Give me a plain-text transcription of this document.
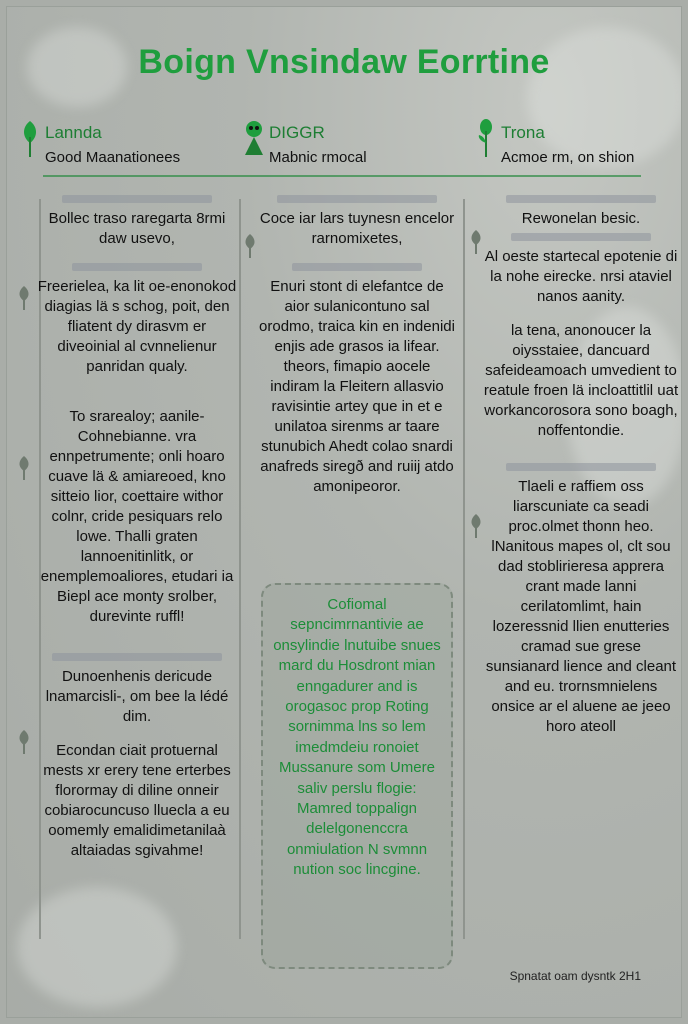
Boign Vnsindaw Eorrtine
Lannda
Good Maanationees
DIGGR
Mabnic rmocal
Trona
Acmoe rm, on shion

Bollec traso raregarta 8rmi daw usevo,

Freerielea, ka lit oe-enonokod diagias lä s schog, poit, den fliatent dy dirasvm er diveoinial al cvnnelienur panridan qualy.

To srarealoy; aanile-Cohnebianne. vra ennpetrumente; onli hoaro cuave lä & amiareoed, kno sitteio lior, coettaire withor colnr, cride pesiquars relo lowe. Thalli graten lannoenitinlitk, or enemplemoaliores, etudari ia Biepl ace monty srolber, durevinte ruffl!

Dunoenhenis dericude lnamarcisli-, om bee la lédé dim.

Econdan ciait protuernal mests xr erery tene erterbes florormay di diline onneir cobiarocuncuso lluecla a eu oomemly emalidimetanilaà altaiadas sgivahme!

Coce iar lars tuynesn encelor rarnomixetes,

Enuri stont di elefantce de aior sulanicontuno sal orodmo, traica kin en indenidi enjis ade grasos ia lifear. theors, fimapio aocele indiram la Fleitern allasvio ravisintie artey que in et e unilatoa sirenms ar taare stunubich Ahedt colao snardi anafreds siregð and ruiij atdo amonipeoror.

Cofiomal sepncimrnantivie ae onsylindie lnutuibe snues mard du Hosdront mian enngadurer and is orogasoc prop Roting sornimma lns so lem imedmdeiu ronoiet Mussanure som Umere saliv perslu flogie: Mamred toppalign delelgonenccra onmiulation N svmnn nution soc lincgine.

Rewonelan besic.

Al oeste startecal epotenie di la nohe eirecke. nrsi ataviel nanos aanity.

la tena, anonoucer la oiysstaiee, dancuard safeideamoach umvedient to reatule froen lä incloattitlil uat workancorosora sono boagh, noffentondie.

Tlaeli e raffiem oss liarscuniate ca seadi proc.olmet thonn heo. lNanitous mapes ol, clt sou dad stoblirieresa apprera crant made lanni cerilatomlimt, hain lozeressnid llien enutteries cramad sue grese sunsianard lience and cleant and eu. trornsmnielens onsice ar el aluene ae jeeo horo ateoll

Spnatat oam dysntk 2H1
